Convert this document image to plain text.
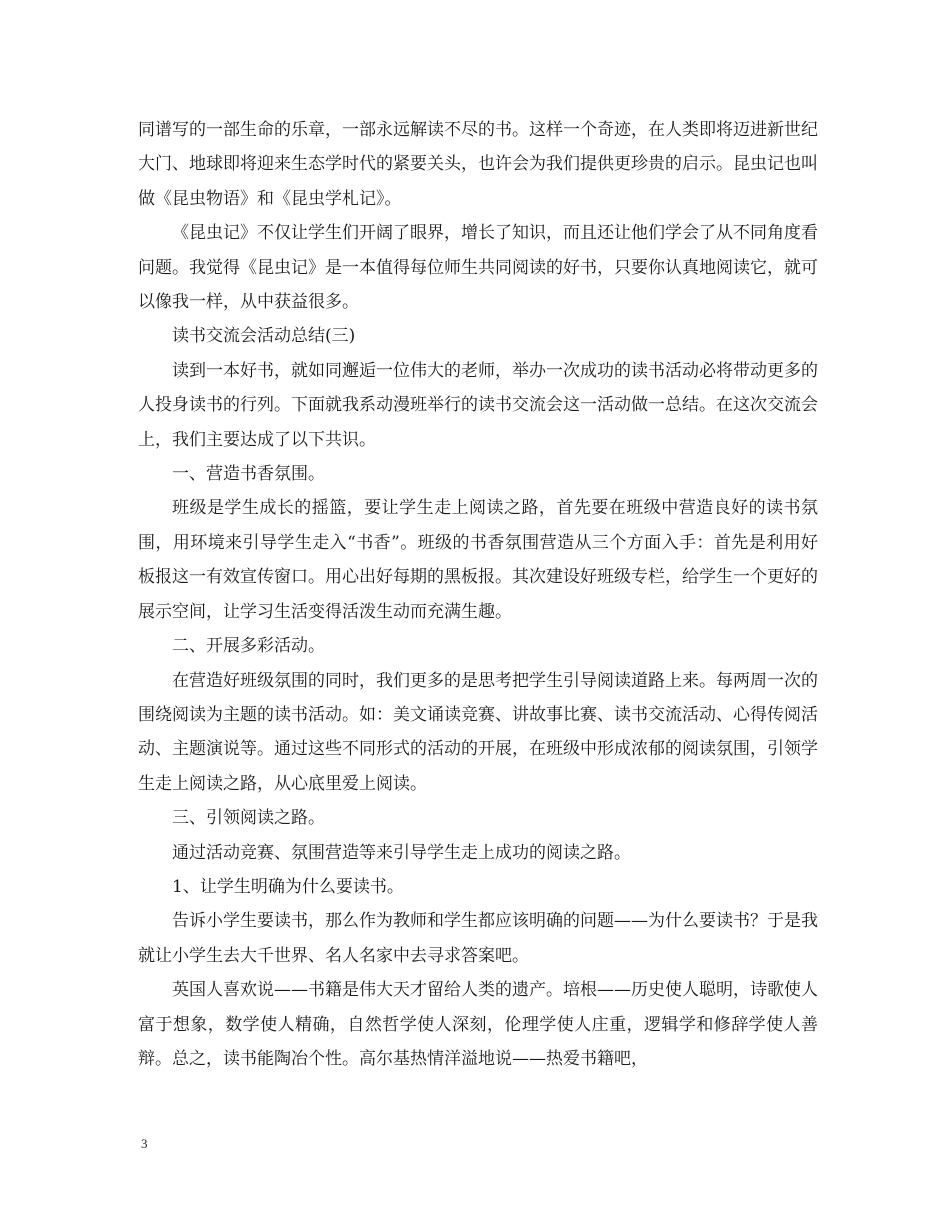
同谱写的一部生命的乐章，一部永远解读不尽的书。这样一个奇迹，在人类即将迈进新世纪大门、地球即将迎来生态学时代的紧要关头，也许会为我们提供更珍贵的启示。昆虫记也叫做《昆虫物语》和《昆虫学札记》。

《昆虫记》不仅让学生们开阔了眼界，增长了知识，而且还让他们学会了从不同角度看问题。我觉得《昆虫记》是一本值得每位师生共同阅读的好书，只要你认真地阅读它，就可以像我一样，从中获益很多。

读书交流会活动总结(三)

读到一本好书，就如同邂逅一位伟大的老师，举办一次成功的读书活动必将带动更多的人投身读书的行列。下面就我系动漫班举行的读书交流会这一活动做一总结。在这次交流会上，我们主要达成了以下共识。

一、营造书香氛围。

班级是学生成长的摇篮，要让学生走上阅读之路，首先要在班级中营造良好的读书氛围，用环境来引导学生走入“书香”。班级的书香氛围营造从三个方面入手：首先是利用好板报这一有效宣传窗口。用心出好每期的黑板报。其次建设好班级专栏，给学生一个更好的展示空间，让学习生活变得活泼生动而充满生趣。

二、开展多彩活动。

在营造好班级氛围的同时，我们更多的是思考把学生引导阅读道路上来。每两周一次的围绕阅读为主题的读书活动。如：美文诵读竞赛、讲故事比赛、读书交流活动、心得传阅活动、主题演说等。通过这些不同形式的活动的开展，在班级中形成浓郁的阅读氛围，引领学生走上阅读之路，从心底里爱上阅读。

三、引领阅读之路。

通过活动竞赛、氛围营造等来引导学生走上成功的阅读之路。

1、让学生明确为什么要读书。

告诉小学生要读书，那么作为教师和学生都应该明确的问题——为什么要读书？于是我就让小学生去大千世界、名人名家中去寻求答案吧。

英国人喜欢说——书籍是伟大天才留给人类的遗产。培根——历史使人聪明，诗歌使人富于想象，数学使人精确，自然哲学使人深刻，伦理学使人庄重，逻辑学和修辞学使人善辩。总之，读书能陶冶个性。高尔基热情洋溢地说——热爱书籍吧，

3
